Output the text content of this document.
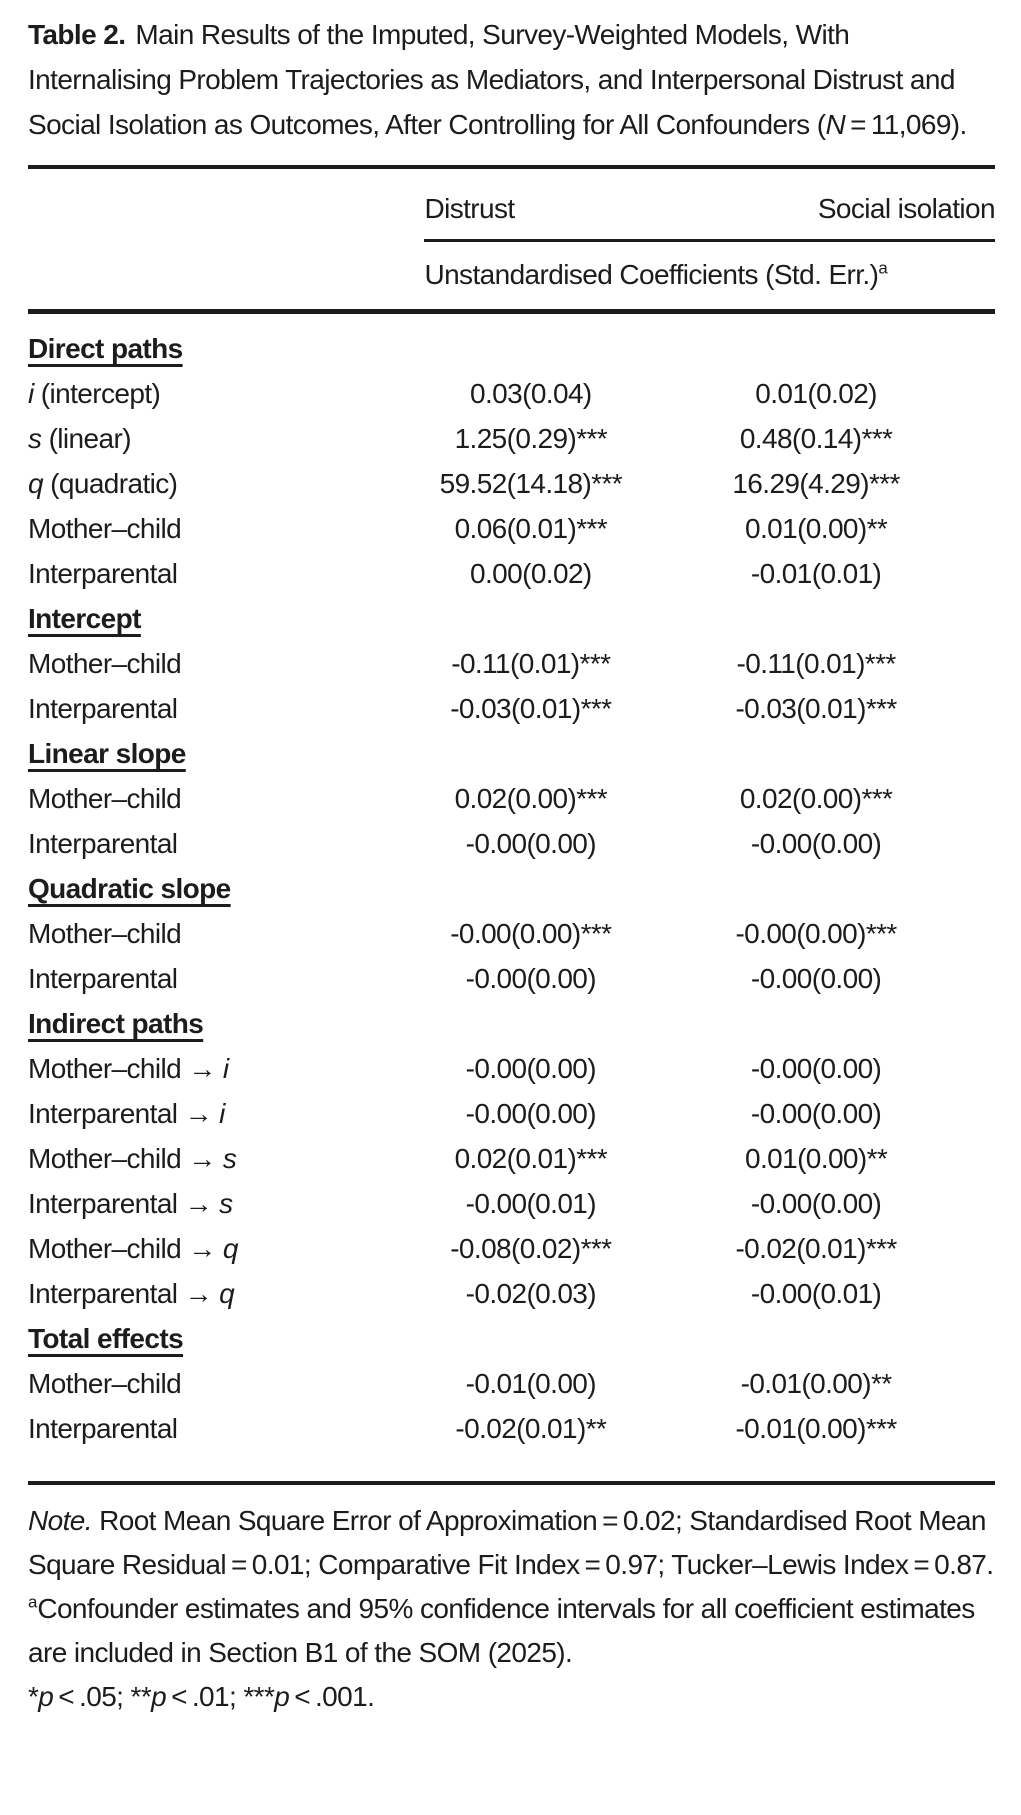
Table 2. Main Results of the Imputed, Survey-Weighted Models, With Internalising Problem Trajectories as Mediators, and Interpersonal Distrust and Social Isolation as Outcomes, After Controlling for All Confounders (N = 11,069).

Distrust	Social isolation
Unstandardised Coefficients (Std. Err.)$^a$
Direct paths
i (intercept)	0.03(0.04)	0.01(0.02)
s (linear)	1.25(0.29)***	0.48(0.14)***
q (quadratic)	59.52(14.18)***	16.29(4.29)***
Mother–child	0.06(0.01)***	0.01(0.00)**
Interparental	0.00(0.02)	-0.01(0.01)
Intercept
Mother–child	-0.11(0.01)***	-0.11(0.01)***
Interparental	-0.03(0.01)***	-0.03(0.01)***
Linear slope
Mother–child	0.02(0.00)***	0.02(0.00)***
Interparental	-0.00(0.00)	-0.00(0.00)
Quadratic slope
Mother–child	-0.00(0.00)***	-0.00(0.00)***
Interparental	-0.00(0.00)	-0.00(0.00)
Indirect paths
Mother–child → i	-0.00(0.00)	-0.00(0.00)
Interparental → i	-0.00(0.00)	-0.00(0.00)
Mother–child → s	0.02(0.01)***	0.01(0.00)**
Interparental → s	-0.00(0.01)	-0.00(0.00)
Mother–child → q	-0.08(0.02)***	-0.02(0.01)***
Interparental → q	-0.02(0.03)	-0.00(0.01)
Total effects
Mother–child	-0.01(0.00)	-0.01(0.00)**
Interparental	-0.02(0.01)**	-0.01(0.00)***

Note. Root Mean Square Error of Approximation = 0.02; Standardised Root Mean Square Residual = 0.01; Comparative Fit Index = 0.97; Tucker–Lewis Index = 0.87.

$^a$Confounder estimates and 95% confidence intervals for all coefficient estimates are included in Section B1 of the SOM (2025).

*p < .05; **p < .01; ***p < .001.
